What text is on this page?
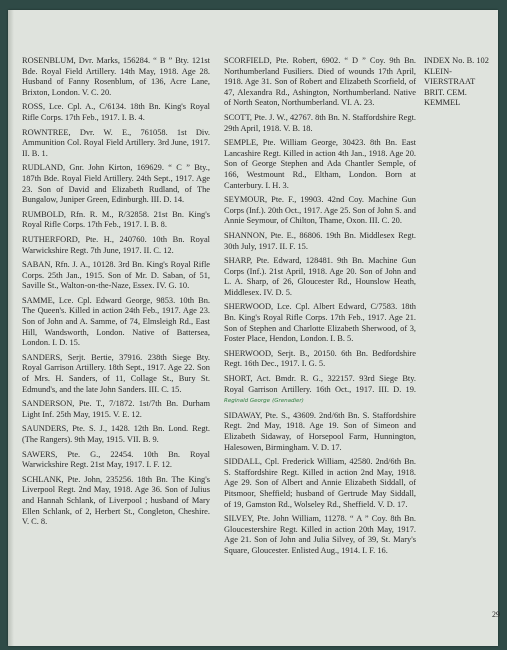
ROSENBLUM, Dvr. Marks, 156284. “ B ” Bty. 121st Bde. Royal Field Artillery. 14th May, 1918. Age 28. Husband of Fanny Rosenblum, of 136, Acre Lane, Brixton, London. V. C. 20.

ROSS, Lce. Cpl. A., C/6134. 18th Bn. King's Royal Rifle Corps. 17th Feb., 1917. I. B. 4.

ROWNTREE, Dvr. W. E., 761058. 1st Div. Ammunition Col. Royal Field Artillery. 3rd June, 1917. II. B. 1.

RUDLAND, Gnr. John Kirton, 169629. “ C ” Bty., 187th Bde. Royal Field Artillery. 24th Sept., 1917. Age 23. Son of David and Elizabeth Rudland, of The Bungalow, Juniper Green, Edinburgh. III. D. 14.

RUMBOLD, Rfn. R. M., R/32858. 21st Bn. King's Royal Rifle Corps. 17th Feb., 1917. I. B. 8.

RUTHERFORD, Pte. H., 240760. 10th Bn. Royal Warwickshire Regt. 7th June, 1917. II. C. 12.

SABAN, Rfn. J. A., 10128. 3rd Bn. King's Royal Rifle Corps. 25th Jan., 1915. Son of Mr. D. Saban, of 51, Saville St., Walton-on-the-Naze, Essex. IV. G. 10.

SAMME, Lce. Cpl. Edward George, 9853. 10th Bn. The Queen's. Killed in action 24th Feb., 1917. Age 23. Son of John and A. Samme, of 74, Elmsleigh Rd., East Hill, Wandsworth, London. Native of Battersea, London. I. D. 15.

SANDERS, Serjt. Bertie, 37916. 238th Siege Bty. Royal Garrison Artillery. 18th Sept., 1917. Age 22. Son of Mrs. H. Sanders, of 11, Collage St., Bury St. Edmund's, and the late John Sanders. III. C. 15.

SANDERSON, Pte. T., 7/1872. 1st/7th Bn. Durham Light Inf. 25th May, 1915. V. E. 12.

SAUNDERS, Pte. S. J., 1428. 12th Bn. Lond. Regt. (The Rangers). 9th May, 1915. VII. B. 9.

SAWERS, Pte. G., 22454. 10th Bn. Royal Warwickshire Regt. 21st May, 1917. I. F. 12.

SCHLANK, Pte. John, 235256. 18th Bn. The King's Liverpool Regt. 2nd May, 1918. Age 36. Son of Julius and Hannah Schlank, of Liverpool ; husband of Mary Ellen Schlank, of 2, Herbert St., Congleton, Cheshire. V. C. 8.

SCORFIELD, Pte. Robert, 6902. “ D ” Coy. 9th Bn. Northumberland Fusiliers. Died of wounds 17th April, 1918. Age 31. Son of Robert and Elizabeth Scorfield, of 47, Alexandra Rd., Ashington, Northumberland. Native of North Seaton, Northumberland. VI. A. 23.

SCOTT, Pte. J. W., 42767. 8th Bn. N. Staffordshire Regt. 29th April, 1918. V. B. 18.

SEMPLE, Pte. William George, 30423. 8th Bn. East Lancashire Regt. Killed in action 4th Jan., 1918. Age 20. Son of George Stephen and Ada Chantler Semple, of 166, Westmount Rd., Eltham, London. Born at Canterbury. I. H. 3.

SEYMOUR, Pte. F., 19903. 42nd Coy. Machine Gun Corps (Inf.). 20th Oct., 1917. Age 25. Son of John S. and Annie Seymour, of Chilton, Thame, Oxon. III. C. 20.

SHANNON, Pte. E., 86806. 19th Bn. Middlesex Regt. 30th July, 1917. II. F. 15.

SHARP, Pte. Edward, 128481. 9th Bn. Machine Gun Corps (Inf.). 21st April, 1918. Age 20. Son of John and L. A. Sharp, of 26, Gloucester Rd., Hounslow Heath, Middlesex. IV. D. 5.

SHERWOOD, Lce. Cpl. Albert Edward, C/7583. 18th Bn. King's Royal Rifle Corps. 17th Feb., 1917. Age 21. Son of Stephen and Charlotte Elizabeth Sherwood, of 3, Foster Place, Hendon, London. I. B. 5.

SHERWOOD, Serjt. B., 20150. 6th Bn. Bedfordshire Regt. 16th Dec., 1917. I. G. 5.

SHORT, Act. Bmdr. R. G., 322157. 93rd Siege Bty. Royal Garrison Artillery. 16th Oct., 1917. III. D. 19. Reginald George (Grenadier)

SIDAWAY, Pte. S., 43609. 2nd/6th Bn. S. Staffordshire Regt. 2nd May, 1918. Age 19. Son of Simeon and Elizabeth Sidaway, of Horsepool Farm, Hunnington, Halesowen, Birmingham. V. D. 17.

SIDDALL, Cpl. Frederick William, 42580. 2nd/6th Bn. S. Staffordshire Regt. Killed in action 2nd May, 1918. Age 29. Son of Albert and Annie Elizabeth Siddall, of Pitsmoor, Sheffield; husband of Gertrude May Siddall, of 19, Gamston Rd., Wolseley Rd., Sheffield. V. D. 17.

SILVEY, Pte. John William, 11278. “ A ” Coy. 8th Bn. Gloucestershire Regt. Killed in action 20th May, 1917. Age 21. Son of John and Julia Silvey, of 39, St. Mary's Square, Gloucester. Enlisted Aug., 1914. I. F. 16.

INDEX No. B. 102 KLEIN-VIERSTRAAT BRIT. CEM. KEMMEL
29
